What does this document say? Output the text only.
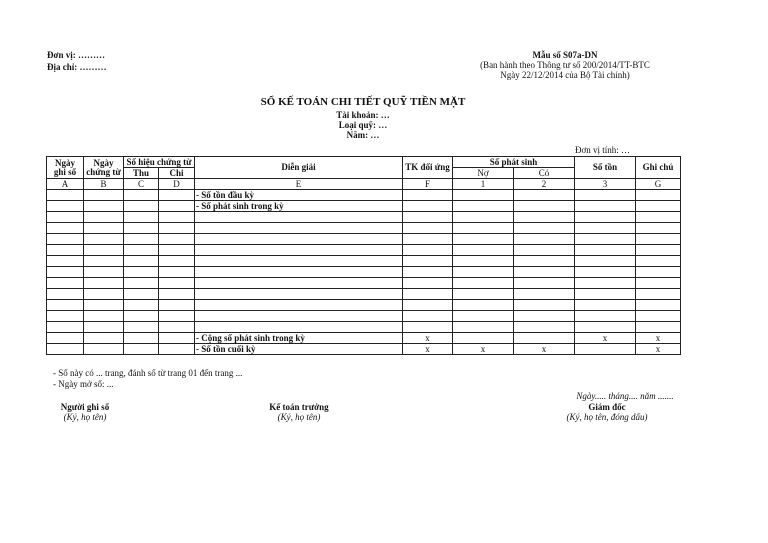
Đơn vị: ………
Địa chỉ: ………
Mẫu số S07a-DN
(Ban hành theo Thông tư số 200/2014/TT-BTC
Ngày 22/12/2014 của Bộ Tài chính)
SỔ KẾ TOÁN CHI TIẾT QUỸ TIỀN MẶT
Tài khoản: …
Loại quỹ: …
Năm: …
Đơn vị tính: …
Ngày ghi sổ	Ngày chứng từ	Số hiệu chứng từ		Diễn giải	TK đối ứng	Số phát sinh		Số tồn	Ghi chú
		Thu	Chi			Nợ	Có		
A	B	C	D	E	F	1	2	3	G
				- Số tồn đầu kỳ					
				- Số phát sinh trong kỳ					

				- Cộng số phát sinh trong kỳ	x			x	x
				- Số tồn cuối kỳ	x	x	x		x
- Sổ này có ... trang, đánh số từ trang 01 đến trang ...
- Ngày mở sổ: ...
Ngày..... tháng.... năm .......
Người ghi sổ
(Ký, họ tên)
Kế toán trưởng
(Ký, họ tên)
Giám đốc
(Ký, họ tên, đóng dấu)
